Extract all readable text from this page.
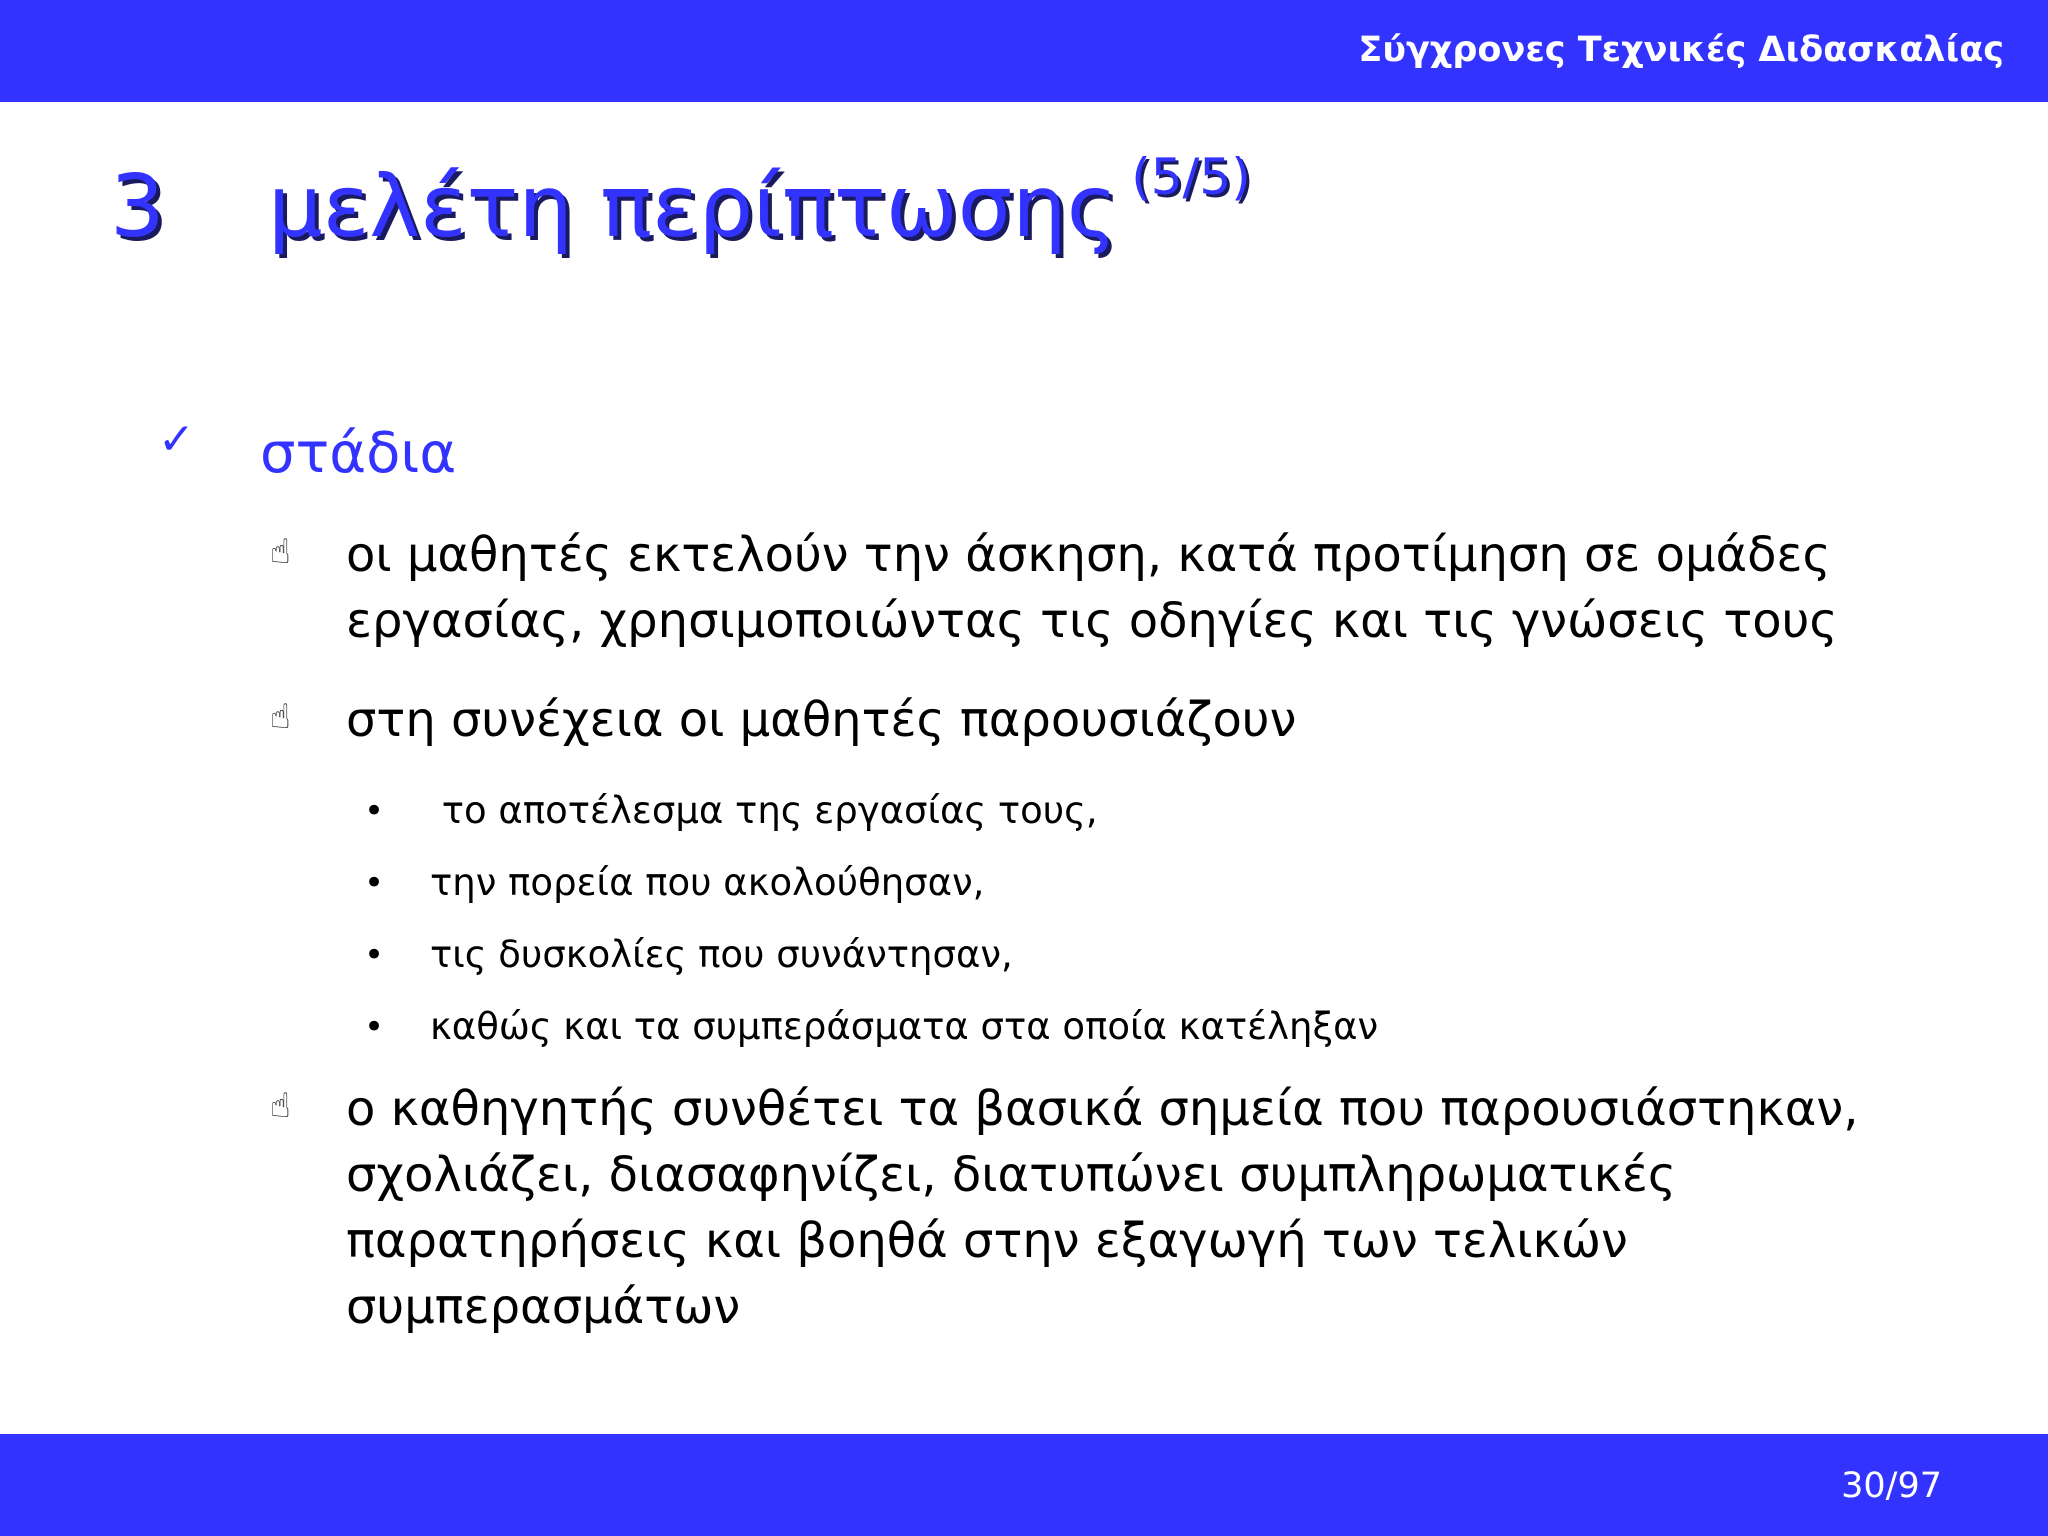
Σύγχρονες Τεχνικές Διδασκαλίας
3 μελέτη περίπτωσης $^{(5/5)}$
✓ στάδια
☝ οι μαθητές εκτελούν την άσκηση, κατά προτίμηση σε ομάδες εργασίας, χρησιμοποιώντας τις οδηγίες και τις γνώσεις τους
☝ στη συνέχεια οι μαθητές παρουσιάζουν
• το αποτέλεσμα της εργασίας τους,
• την πορεία που ακολούθησαν,
• τις δυσκολίες που συνάντησαν,
• καθώς και τα συμπεράσματα στα οποία κατέληξαν
☝ ο καθηγητής συνθέτει τα βασικά σημεία που παρουσιάστηκαν, σχολιάζει, διασαφηνίζει, διατυπώνει συμπληρωματικές παρατηρήσεις και βοηθά στην εξαγωγή των τελικών συμπερασμάτων
30/97
